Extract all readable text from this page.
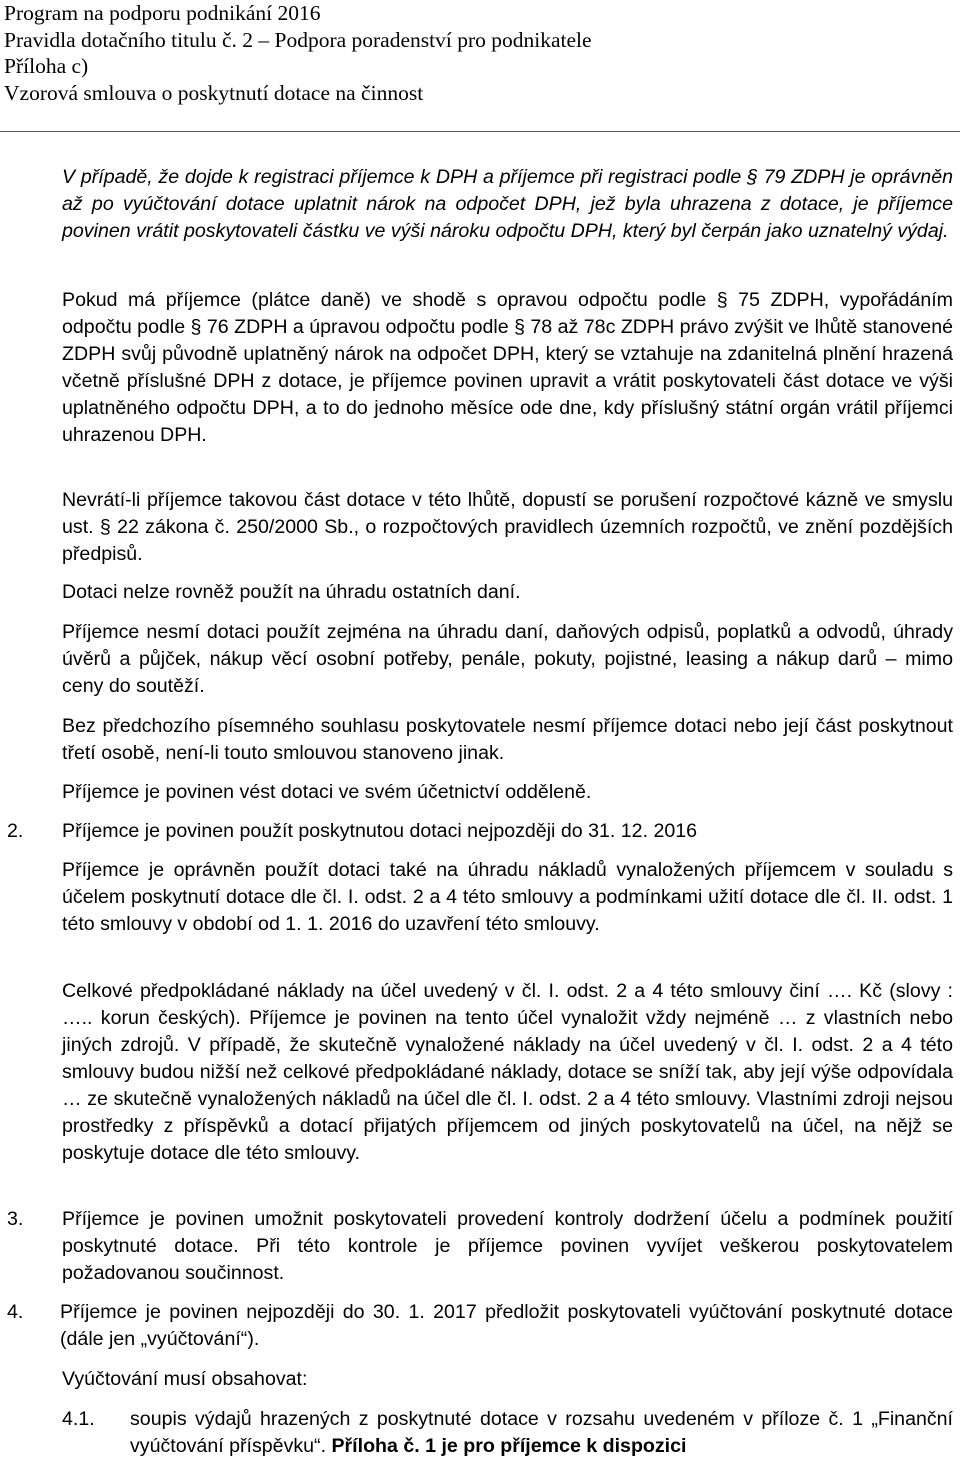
Program na podporu podnikání 2016
Pravidla dotačního titulu č. 2 – Podpora poradenství pro podnikatele
Příloha c)
Vzorová smlouva o poskytnutí dotace na činnost

V případě, že dojde k registraci příjemce k DPH a příjemce při registraci podle § 79 ZDPH je oprávněn až po vyúčtování dotace uplatnit nárok na odpočet DPH, jež byla uhrazena z dotace, je příjemce povinen vrátit poskytovateli částku ve výši nároku odpočtu DPH, který byl čerpán jako uznatelný výdaj.

Pokud má příjemce (plátce daně) ve shodě s opravou odpočtu podle § 75 ZDPH, vypořádáním odpočtu podle § 76 ZDPH a úpravou odpočtu podle § 78 až 78c ZDPH právo zvýšit ve lhůtě stanovené ZDPH svůj původně uplatněný nárok na odpočet DPH, který se vztahuje na zdanitelná plnění hrazená včetně příslušné DPH z dotace, je příjemce povinen upravit a vrátit poskytovateli část dotace ve výši uplatněného odpočtu DPH, a to do jednoho měsíce ode dne, kdy příslušný státní orgán vrátil příjemci uhrazenou DPH.

Nevrátí-li příjemce takovou část dotace v této lhůtě, dopustí se porušení rozpočtové kázně ve smyslu ust. § 22 zákona č. 250/2000 Sb., o rozpočtových pravidlech územních rozpočtů, ve znění pozdějších předpisů.

Dotaci nelze rovněž použít na úhradu ostatních daní.

Příjemce nesmí dotaci použít zejména na úhradu daní, daňových odpisů, poplatků a odvodů, úhrady úvěrů a půjček, nákup věcí osobní potřeby, penále, pokuty, pojistné, leasing a nákup darů – mimo ceny do soutěží.

Bez předchozího písemného souhlasu poskytovatele nesmí příjemce dotaci nebo její část poskytnout třetí osobě, není-li touto smlouvou stanoveno jinak.

Příjemce je povinen vést dotaci ve svém účetnictví odděleně.

2.	Příjemce je povinen použít poskytnutou dotaci nejpozději do 31. 12. 2016

Příjemce je oprávněn použít dotaci také na úhradu nákladů vynaložených příjemcem v souladu s účelem poskytnutí dotace dle čl. I. odst. 2 a 4 této smlouvy a podmínkami užití dotace dle čl. II. odst. 1 této smlouvy v období od 1. 1. 2016 do uzavření této smlouvy.

Celkové předpokládané náklady na účel uvedený v čl. I. odst. 2 a 4 této smlouvy činí …. Kč (slovy : ….. korun českých). Příjemce je povinen na tento účel vynaložit vždy nejméně … z vlastních nebo jiných zdrojů. V případě, že skutečně vynaložené náklady na účel uvedený v čl. I. odst. 2 a 4 této smlouvy budou nižší než celkové předpokládané náklady, dotace se sníží tak, aby její výše odpovídala … ze skutečně vynaložených nákladů na účel dle čl. I. odst. 2 a 4 této smlouvy. Vlastními zdroji nejsou prostředky z příspěvků a dotací přijatých příjemcem od jiných poskytovatelů na účel, na nějž se poskytuje dotace dle této smlouvy.

3.	Příjemce je povinen umožnit poskytovateli provedení kontroly dodržení účelu a podmínek použití poskytnuté dotace. Při této kontrole je příjemce povinen vyvíjet veškerou poskytovatelem požadovanou součinnost.

4.	Příjemce je povinen nejpozději do 30. 1. 2017 předložit poskytovateli vyúčtování poskytnuté dotace (dále jen „vyúčtování“).

Vyúčtování musí obsahovat:

4.1. soupis výdajů hrazených z poskytnuté dotace v rozsahu uvedeném v příloze č. 1 „Finanční vyúčtování příspěvku“. Příloha č. 1 je pro příjemce k dispozici
